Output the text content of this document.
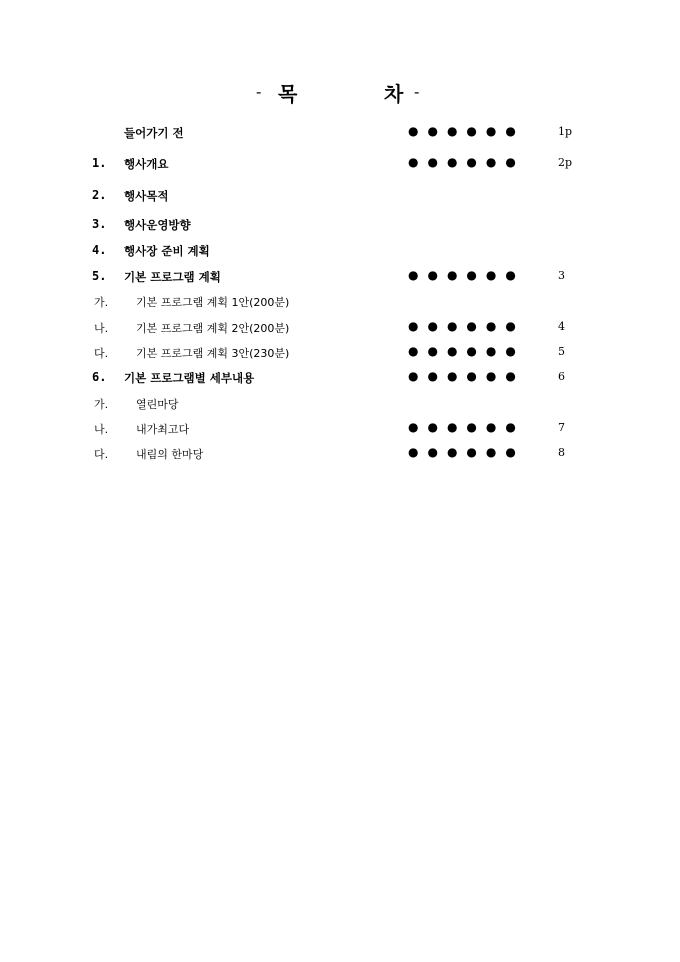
- 목	차 -
들어가기 전	●●●●●●	1p
1. 행사개요	●●●●●●	2p
2. 행사목적
3. 행사운영방향
4. 행사장 준비 계획
5. 기본 프로그램 계획	●●●●●●	3
가.	기본 프로그램 계획 1안(200분)
나.	기본 프로그램 계획 2안(200분)	●●●●●●	4
다.	기본 프로그램 계획 3안(230분)	●●●●●●	5
6. 기본 프로그램별 세부내용	●●●●●●	6
가.	열린마당
나.	내가최고다	●●●●●●	7
다.	내림의 한마당	●●●●●●	8
